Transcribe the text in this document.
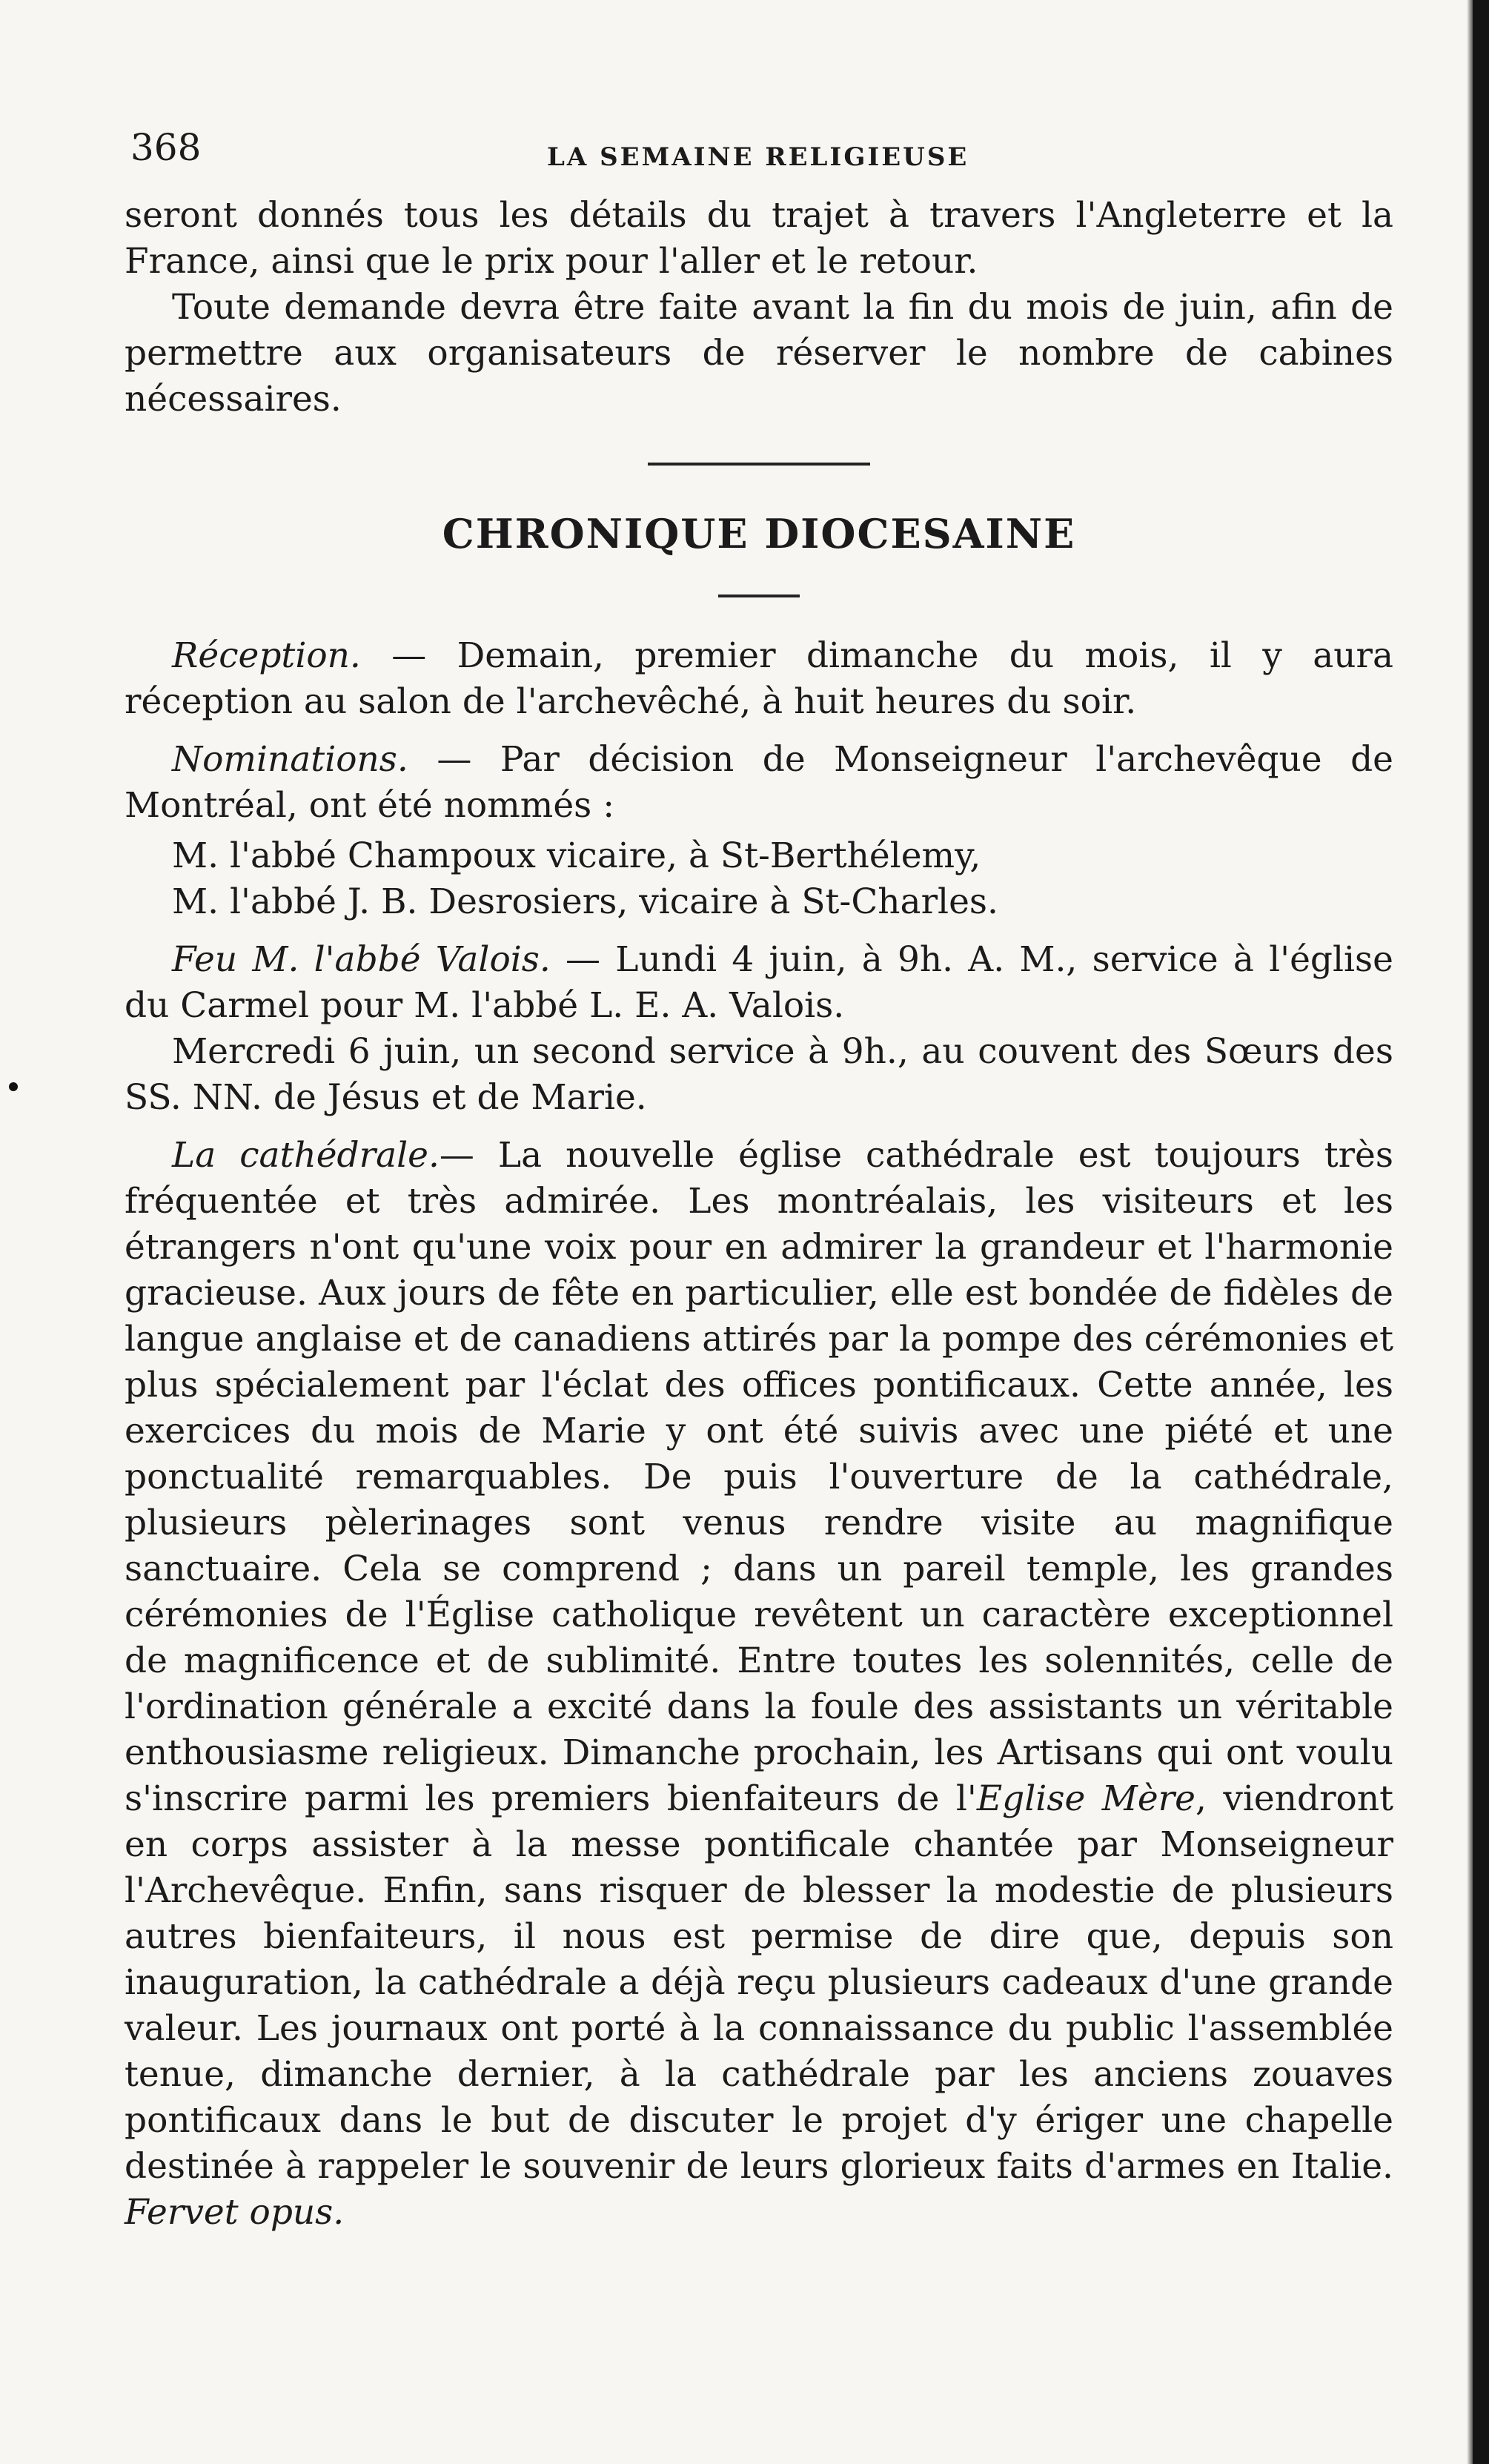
368	LA SEMAINE RELIGIEUSE

seront donnés tous les détails du trajet à travers l'Angleterre et la France, ainsi que le prix pour l'aller et le retour.

Toute demande devra être faite avant la fin du mois de juin, afin de permettre aux organisateurs de réserver le nombre de cabines nécessaires.

CHRONIQUE DIOCESAINE

Réception. — Demain, premier dimanche du mois, il y aura réception au salon de l'archevêché, à huit heures du soir.

Nominations. — Par décision de Monseigneur l'archevêque de Montréal, ont été nommés :

M. l'abbé Champoux vicaire, à St-Berthélemy,

M. l'abbé J. B. Desrosiers, vicaire à St-Charles.

Feu M. l'abbé Valois. — Lundi 4 juin, à 9h. A. M., service à l'église du Carmel pour M. l'abbé L. E. A. Valois.

Mercredi 6 juin, un second service à 9h., au couvent des Sœurs des SS. NN. de Jésus et de Marie.

La cathédrale.— La nouvelle église cathédrale est toujours très fréquentée et très admirée. Les montréalais, les visiteurs et les étrangers n'ont qu'une voix pour en admirer la grandeur et l'harmonie gracieuse. Aux jours de fête en particulier, elle est bondée de fidèles de langue anglaise et de canadiens attirés par la pompe des cérémonies et plus spécialement par l'éclat des offices pontificaux. Cette année, les exercices du mois de Marie y ont été suivis avec une piété et une ponctualité remarquables. De puis l'ouverture de la cathédrale, plusieurs pèlerinages sont venus rendre visite au magnifique sanctuaire. Cela se comprend ; dans un pareil temple, les grandes cérémonies de l'Église catholique revêtent un caractère exceptionnel de magnificence et de sublimité. Entre toutes les solennités, celle de l'ordination générale a excité dans la foule des assistants un véritable enthousiasme religieux. Dimanche prochain, les Artisans qui ont voulu s'inscrire parmi les premiers bienfaiteurs de l'Eglise Mère, viendront en corps assister à la messe pontificale chantée par Monseigneur l'Archevêque. Enfin, sans risquer de blesser la modestie de plusieurs autres bienfaiteurs, il nous est permise de dire que, depuis son inauguration, la cathédrale a déjà reçu plusieurs cadeaux d'une grande valeur. Les journaux ont porté à la connaissance du public l'assemblée tenue, dimanche dernier, à la cathédrale par les anciens zouaves pontificaux dans le but de discuter le projet d'y ériger une chapelle destinée à rappeler le souvenir de leurs glorieux faits d'armes en Italie. Fervet opus.
